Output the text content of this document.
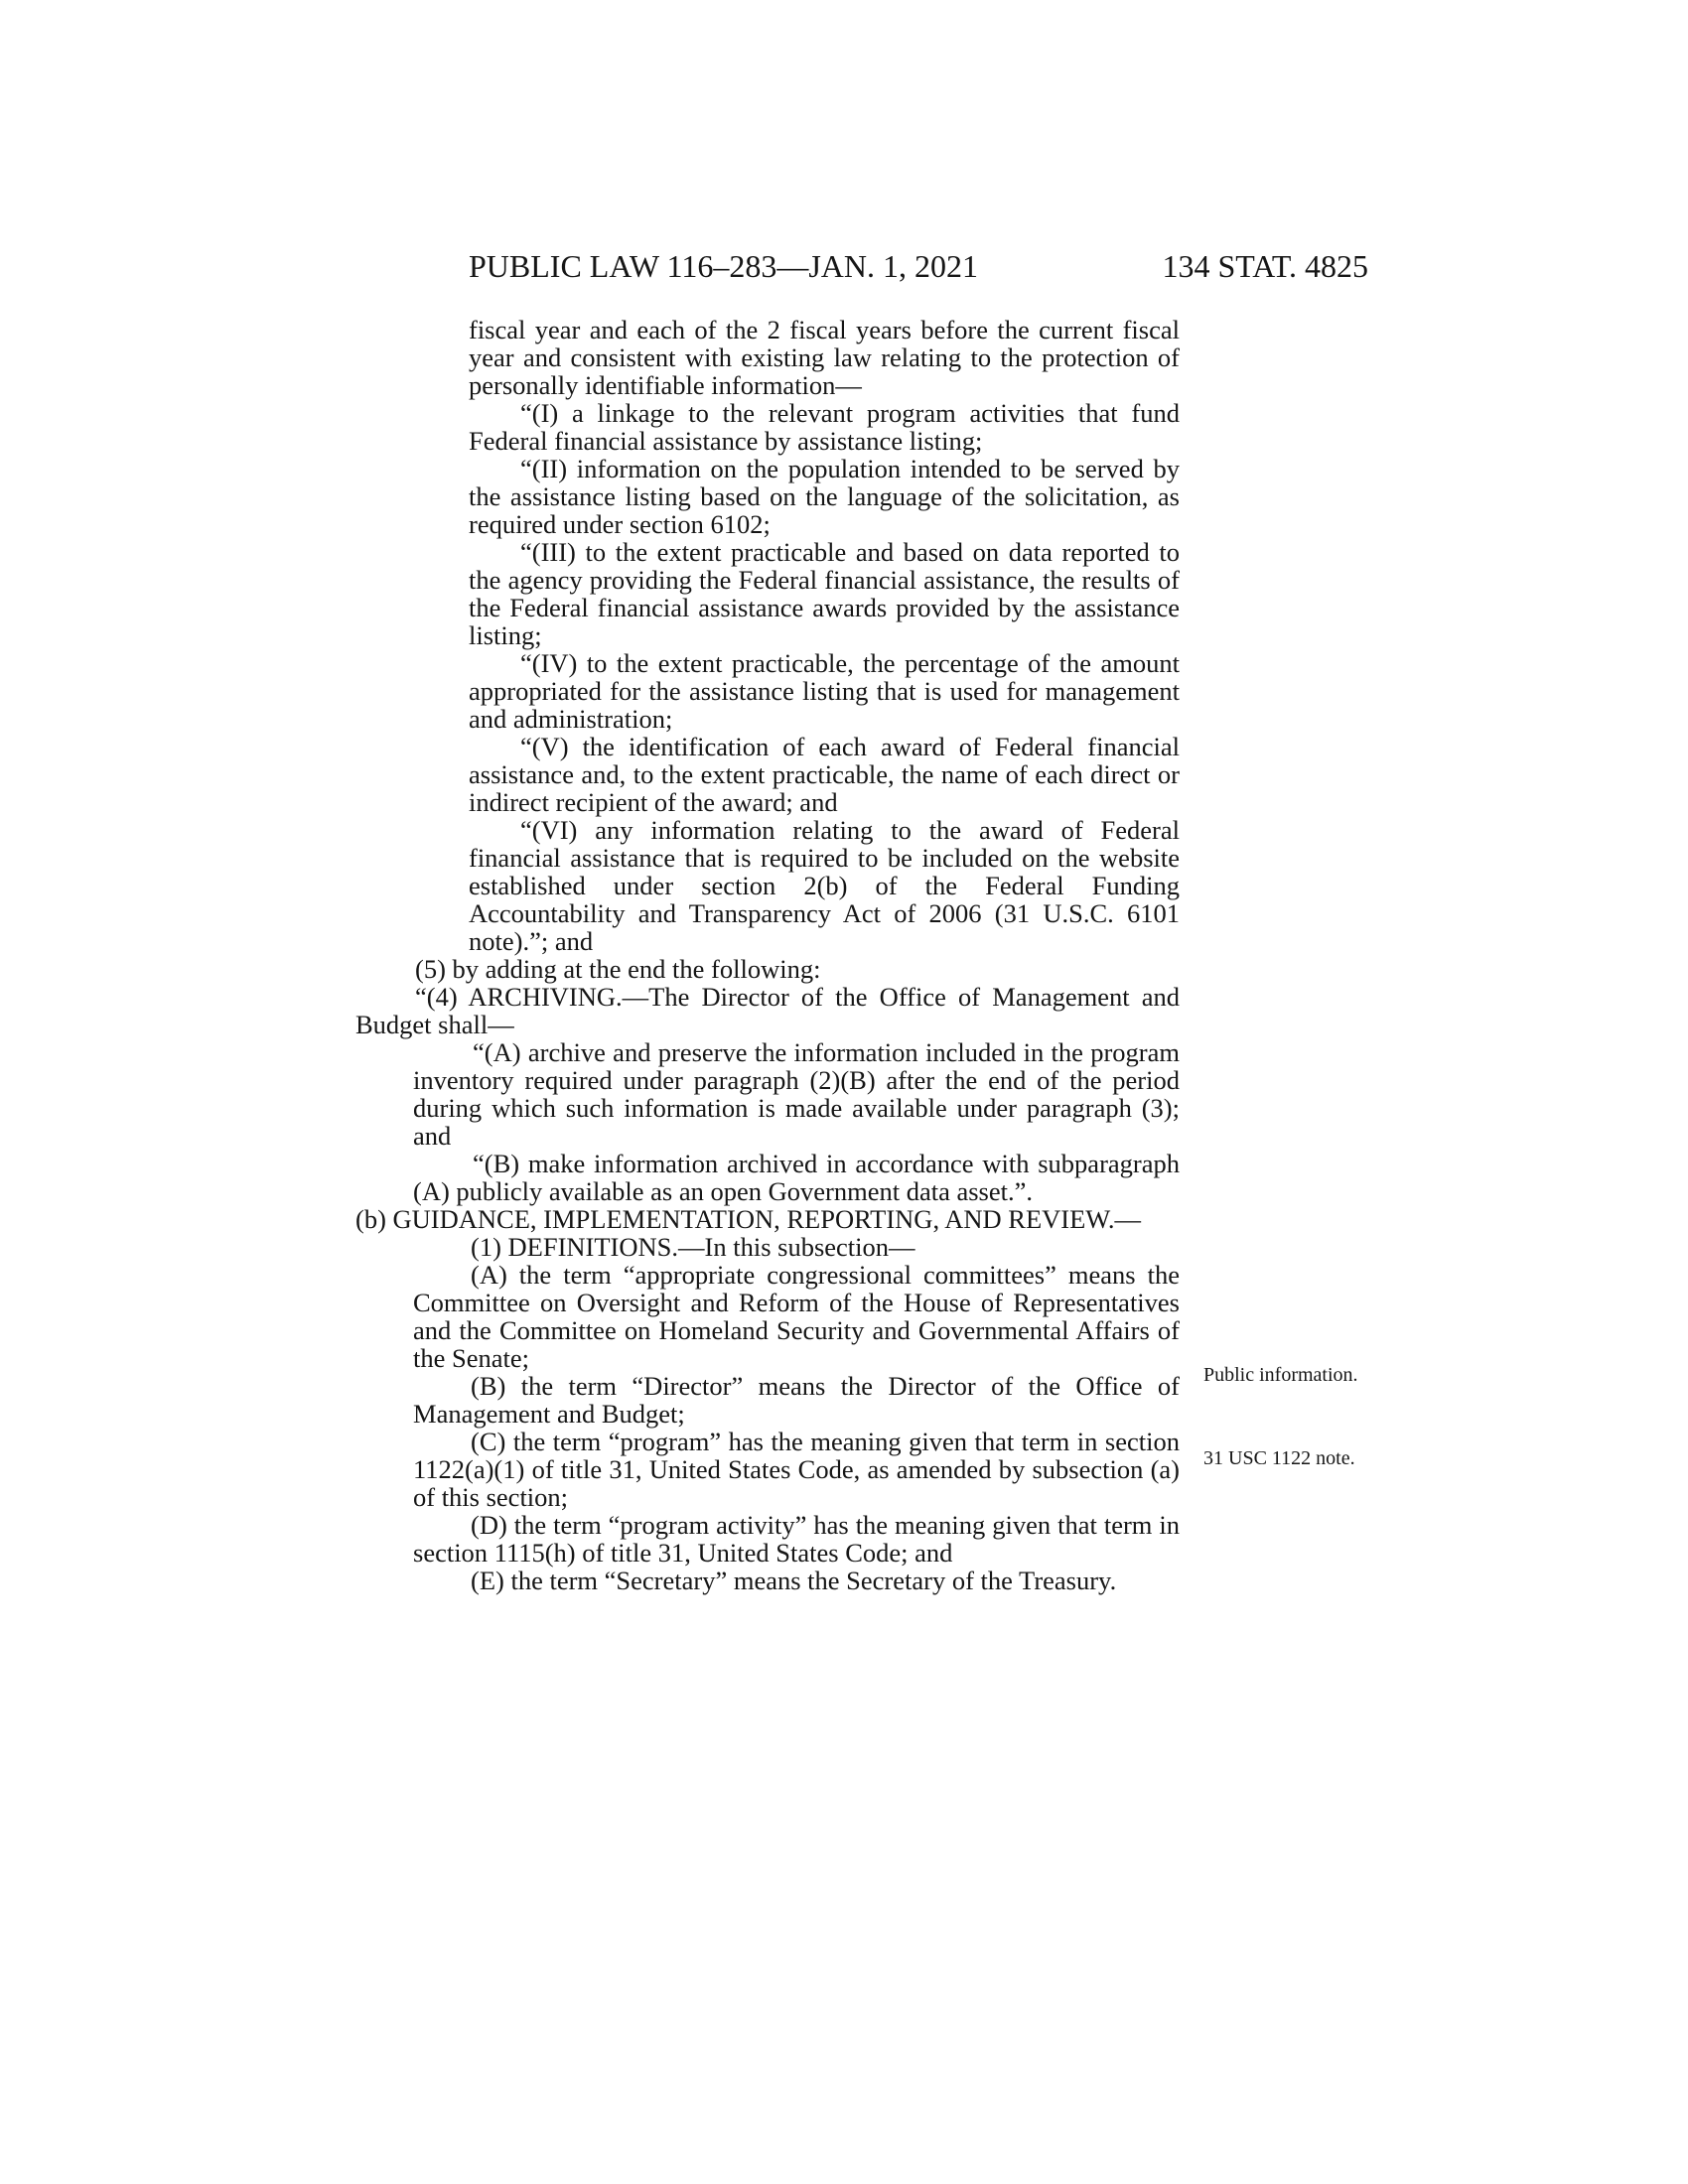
PUBLIC LAW 116–283—JAN. 1, 2021	134 STAT. 4825

fiscal year and each of the 2 fiscal years before the current fiscal year and consistent with existing law relating to the protection of personally identifiable information—

“(I) a linkage to the relevant program activities that fund Federal financial assistance by assistance listing;

“(II) information on the population intended to be served by the assistance listing based on the language of the solicitation, as required under section 6102;

“(III) to the extent practicable and based on data reported to the agency providing the Federal financial assistance, the results of the Federal financial assistance awards provided by the assistance listing;

“(IV) to the extent practicable, the percentage of the amount appropriated for the assistance listing that is used for management and administration;

“(V) the identification of each award of Federal financial assistance and, to the extent practicable, the name of each direct or indirect recipient of the award; and

“(VI) any information relating to the award of Federal financial assistance that is required to be included on the website established under section 2(b) of the Federal Funding Accountability and Transparency Act of 2006 (31 U.S.C. 6101 note).”; and

(5) by adding at the end the following:

“(4) ARCHIVING.—The Director of the Office of Management and Budget shall—

“(A) archive and preserve the information included in the program inventory required under paragraph (2)(B) after the end of the period during which such information is made available under paragraph (3); and

“(B) make information archived in accordance with subparagraph (A) publicly available as an open Government data asset.”.

(b) GUIDANCE, IMPLEMENTATION, REPORTING, AND REVIEW.—

(1) DEFINITIONS.—In this subsection—

(A) the term “appropriate congressional committees” means the Committee on Oversight and Reform of the House of Representatives and the Committee on Homeland Security and Governmental Affairs of the Senate;

(B) the term “Director” means the Director of the Office of Management and Budget;

(C) the term “program” has the meaning given that term in section 1122(a)(1) of title 31, United States Code, as amended by subsection (a) of this section;

(D) the term “program activity” has the meaning given that term in section 1115(h) of title 31, United States Code; and

(E) the term “Secretary” means the Secretary of the Treasury.

Public information.
31 USC 1122 note.
